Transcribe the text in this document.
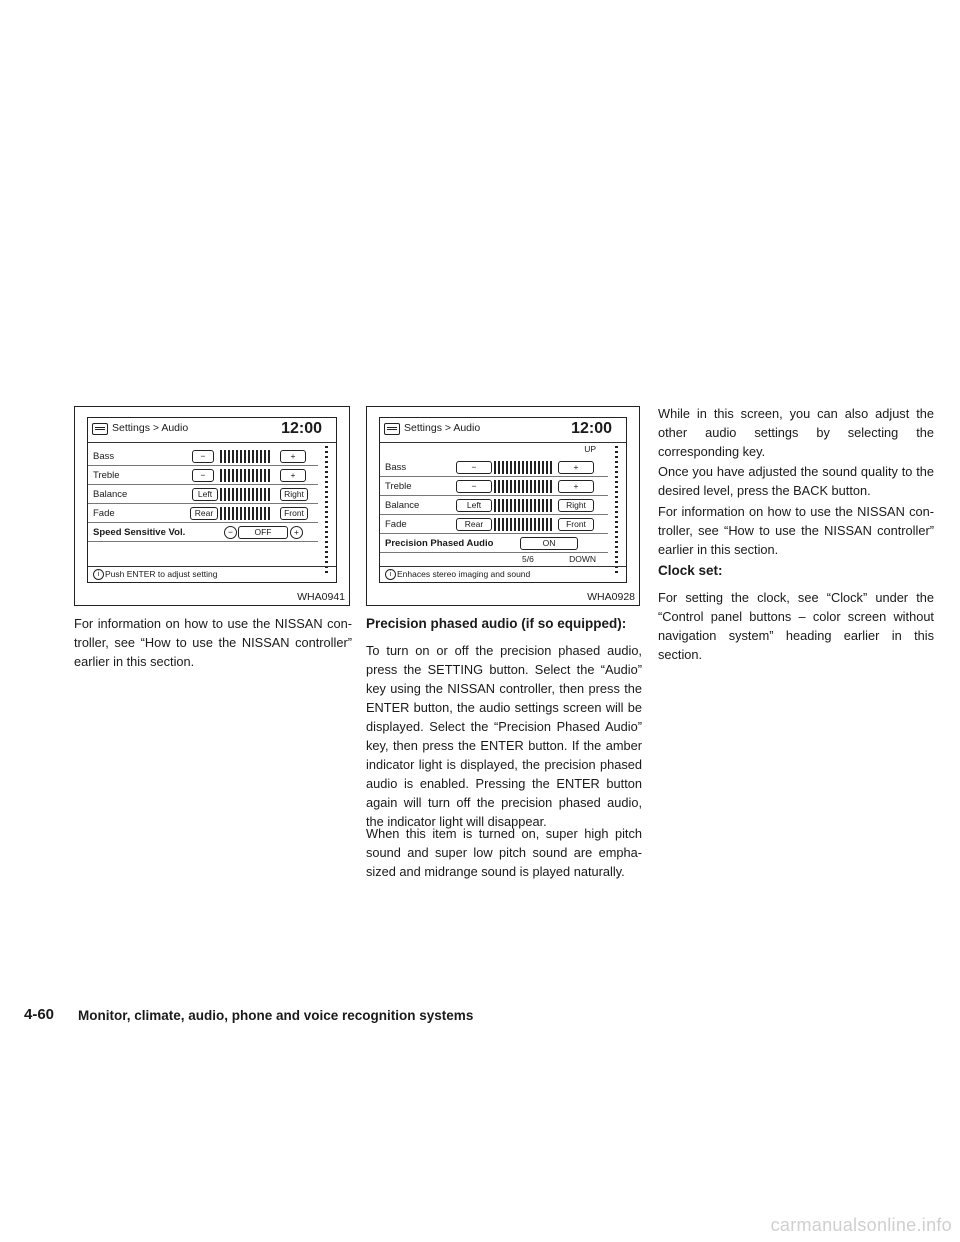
Settings > Audio	12:00
Bass	−	+
Treble	−	+
Balance	Left	Right
Fade	Rear	Front
Speed Sensitive Vol.	−	OFF	+
i Push ENTER to adjust setting
WHA0941
Settings > Audio	12:00
UP
Bass	−	+
Treble	−	+
Balance	Left	Right
Fade	Rear	Front
Precision Phased Audio	ON
5/6	DOWN
i Enhaces stereo imaging and sound
WHA0928

For information on how to use the NISSAN con-troller, see “How to use the NISSAN controller” earlier in this section.

Precision phased audio (if so equipped):

To turn on or off the precision phased audio, press the SETTING button. Select the “Audio” key using the NISSAN controller, then press the ENTER button, the audio settings screen will be displayed. Select the “Precision Phased Audio” key, then press the ENTER button. If the amber indicator light is displayed, the precision phased audio is enabled. Pressing the ENTER button again will turn off the precision phased audio, the indicator light will disappear.

When this item is turned on, super high pitch sound and super low pitch sound are empha-sized and midrange sound is played naturally.

While in this screen, you can also adjust the other audio settings by selecting the corresponding key.

Once you have adjusted the sound quality to the desired level, press the BACK button.

For information on how to use the NISSAN con-troller, see “How to use the NISSAN controller” earlier in this section.

Clock set:

For setting the clock, see “Clock” under the “Control panel buttons – color screen without navigation system” heading earlier in this section.

4-60 Monitor, climate, audio, phone and voice recognition systems
carmanualsonline.info
